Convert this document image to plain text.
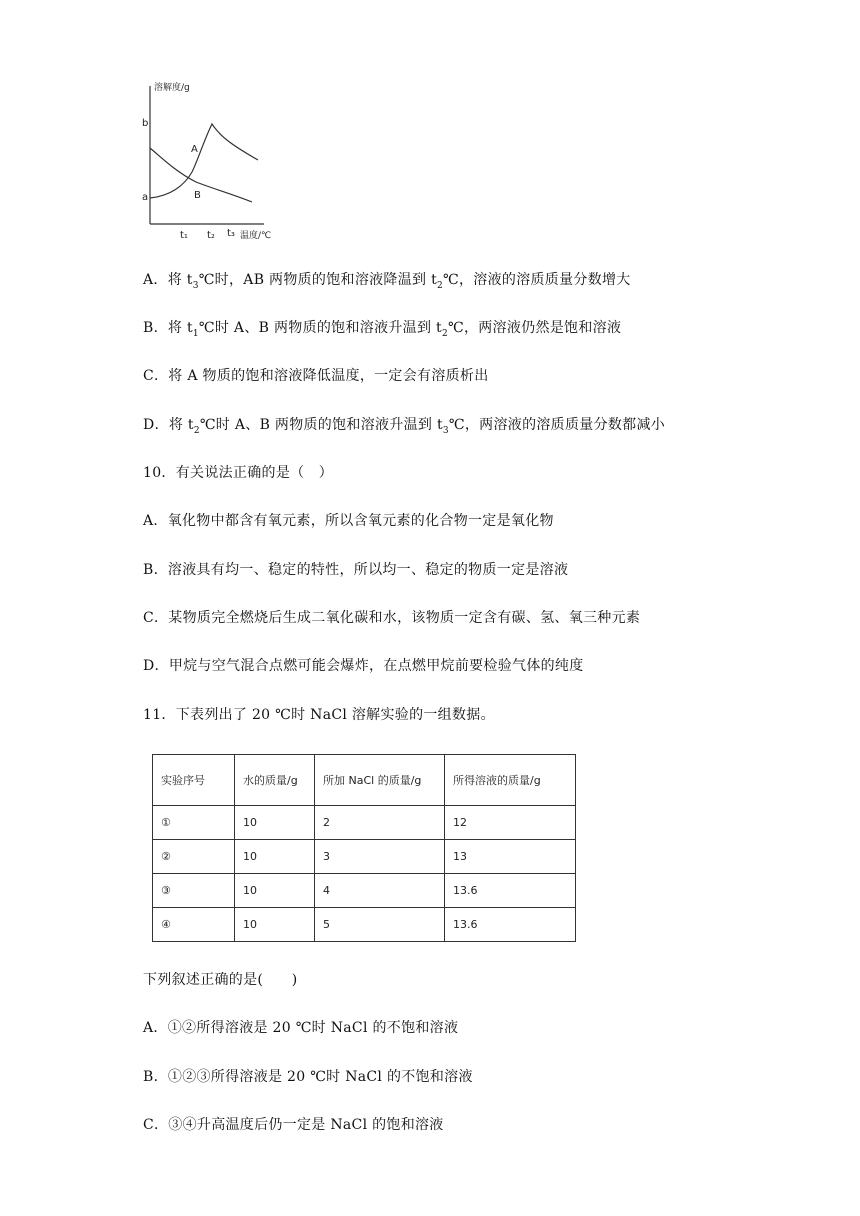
溶解度/g
b
a
A
B
t₁ t₂ t₃ 温度/℃
A．将 $t_3℃$时，AB 两物质的饱和溶液降温到 $t_2℃$，溶液的溶质质量分数增大
B．将 $t_1℃$时 A、B 两物质的饱和溶液升温到 $t_2℃$，两溶液仍然是饱和溶液
C．将 A 物质的饱和溶液降低温度，一定会有溶质析出
D．将 $t_2℃$时 A、B 两物质的饱和溶液升温到 $t_3℃$，两溶液的溶质质量分数都减小
10．有关说法正确的是（　）
A．氧化物中都含有氧元素，所以含氧元素的化合物一定是氧化物
B．溶液具有均一、稳定的特性，所以均一、稳定的物质一定是溶液
C．某物质完全燃烧后生成二氧化碳和水，该物质一定含有碳、氢、氧三种元素
D．甲烷与空气混合点燃可能会爆炸，在点燃甲烷前要检验气体的纯度
11．下表列出了 20 ℃时 NaCl 溶解实验的一组数据。
实验序号	水的质量/g	所加 NaCl 的质量/g	所得溶液的质量/g
①	10	2	12
②	10	3	13
③	10	4	13.6
④	10	5	13.6
下列叙述正确的是(　　)
A．①②所得溶液是 20 ℃时 NaCl 的不饱和溶液
B．①②③所得溶液是 20 ℃时 NaCl 的不饱和溶液
C．③④升高温度后仍一定是 NaCl 的饱和溶液
